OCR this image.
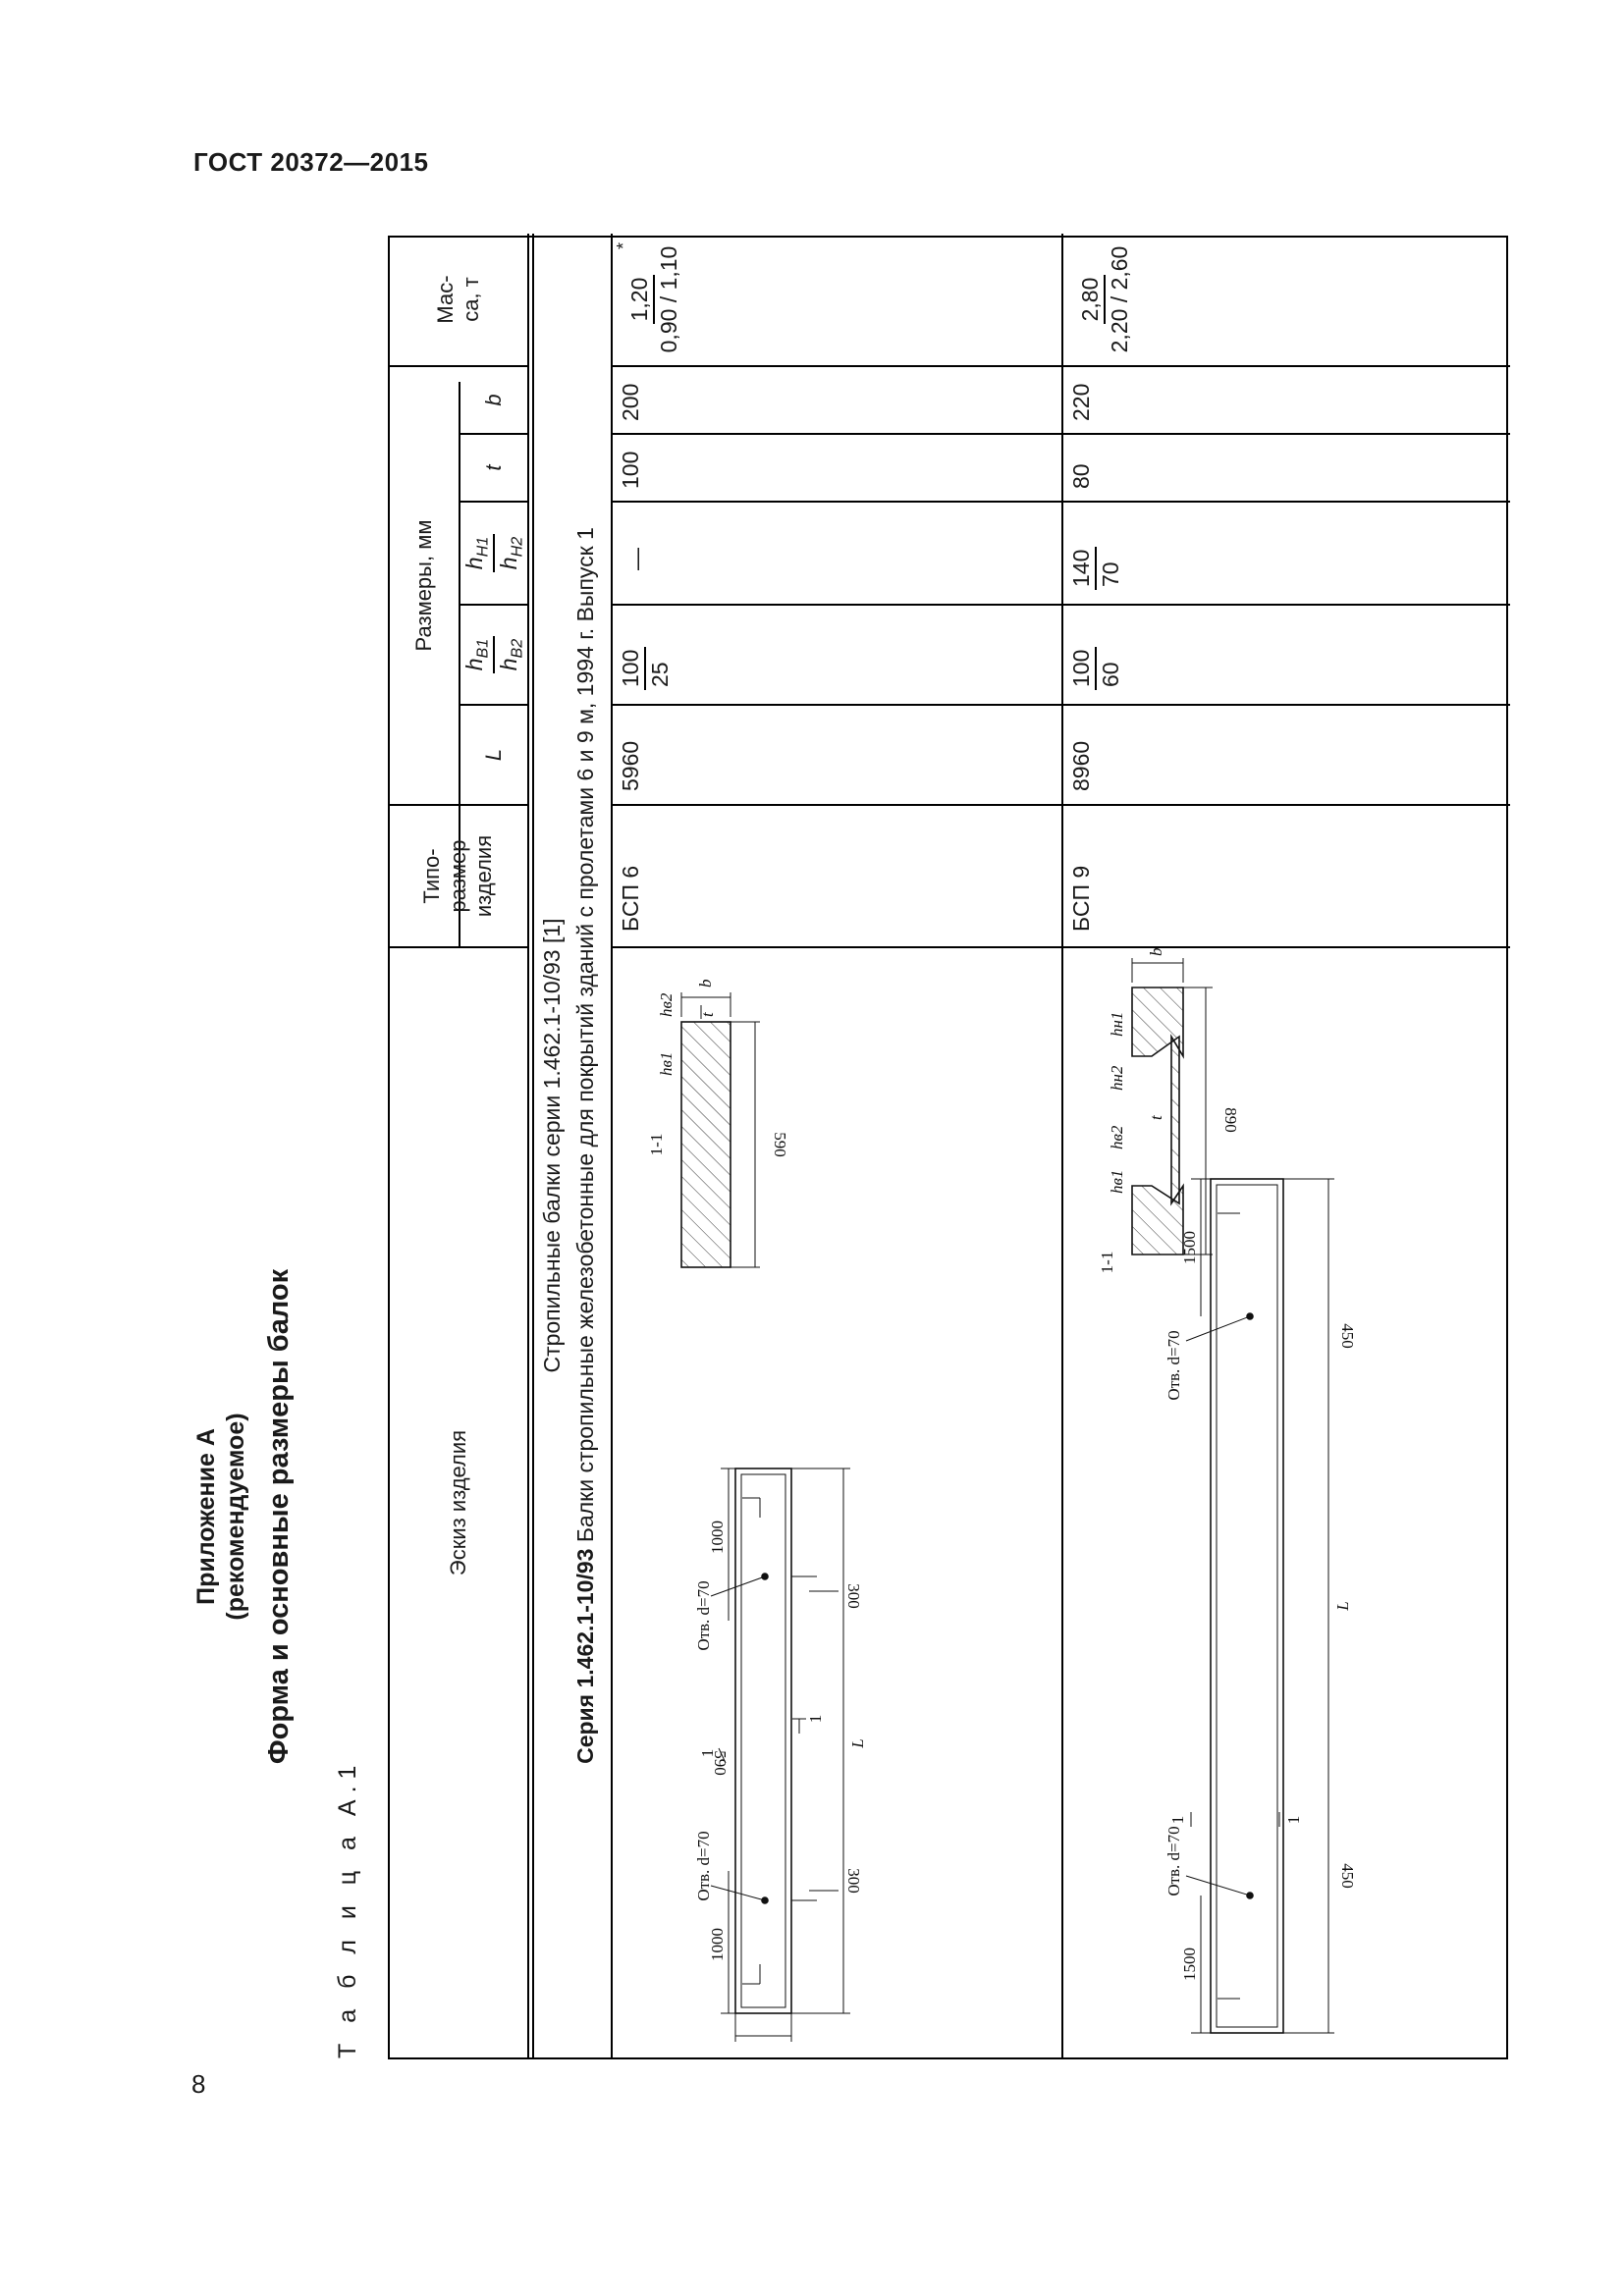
ГОСТ 20372—2015
8
Приложение А (рекомендуемое) Форма и основные размеры балок
Т а б л и ц а А.1
Эскиз изделия
Типо- размер изделия
Размеры, мм
L
$h_{B1}$
$h_{B2}$
$h_{H1}$
$h_{H2}$
t
b
Мас- са, т
Стропильные балки серии 1.462.1-10/93 [1]
Серия 1.462.1-10/93 Балки стропильные железобетонные для покрытий зданий с пролетами 6 и 9 м, 1994 г. Выпуск 1 БСП 6
5960
100 25
—
100
200
1,20 0,90 / 1,10
*
БСП 9
8960
100 60
140 70
80
220
2,80 2,20 / 2,60
590
L
1000
1000
300
300
Отв. d=70
Отв. d=70
1
1
1-1	590
t
b
hв1
hв2
L
1500
1500
450
450
Отв. d=70
Отв. d=70
1	1
1-1
890
t
b
hв1
hв2
hн2
hн1
